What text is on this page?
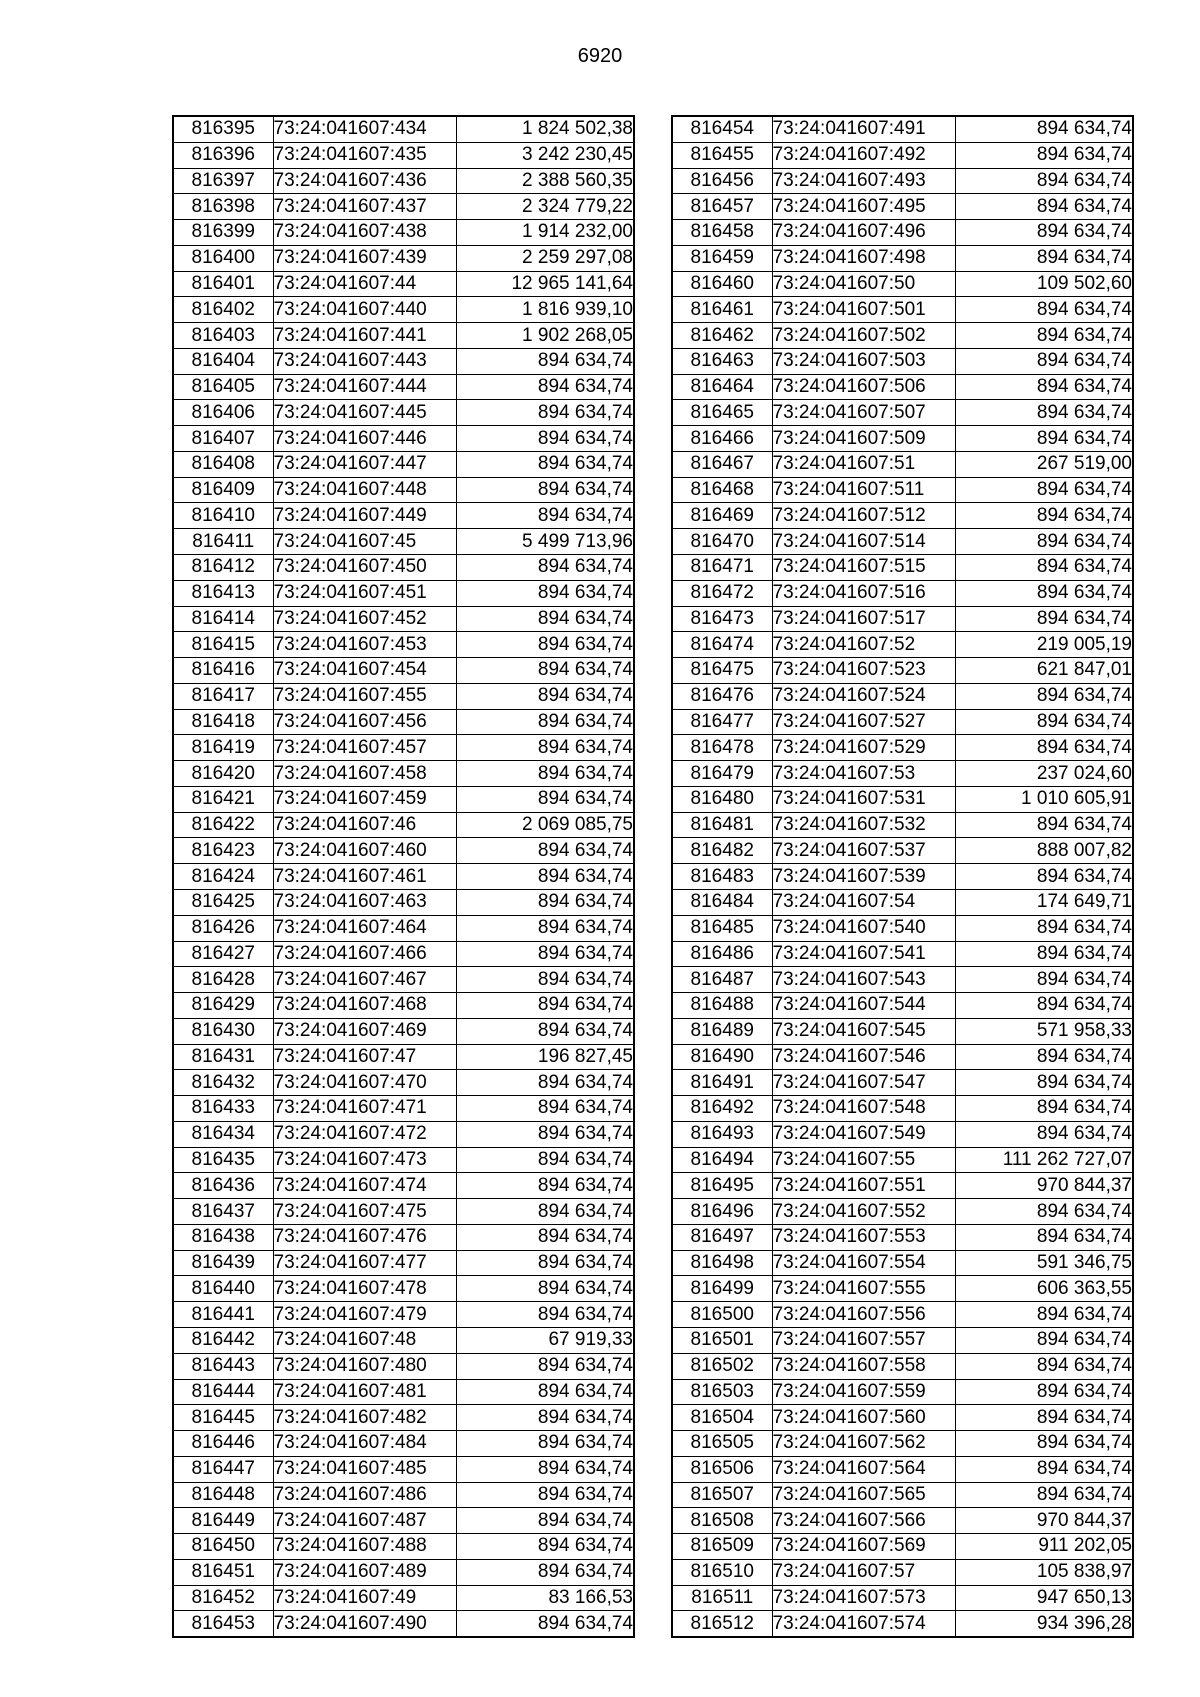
6920
816395	73:24:041607:434	1 824 502,38
816396	73:24:041607:435	3 242 230,45
816397	73:24:041607:436	2 388 560,35
816398	73:24:041607:437	2 324 779,22
816399	73:24:041607:438	1 914 232,00
816400	73:24:041607:439	2 259 297,08
816401	73:24:041607:44	12 965 141,64
816402	73:24:041607:440	1 816 939,10
816403	73:24:041607:441	1 902 268,05
816404	73:24:041607:443	894 634,74
816405	73:24:041607:444	894 634,74
816406	73:24:041607:445	894 634,74
816407	73:24:041607:446	894 634,74
816408	73:24:041607:447	894 634,74
816409	73:24:041607:448	894 634,74
816410	73:24:041607:449	894 634,74
816411	73:24:041607:45	5 499 713,96
816412	73:24:041607:450	894 634,74
816413	73:24:041607:451	894 634,74
816414	73:24:041607:452	894 634,74
816415	73:24:041607:453	894 634,74
816416	73:24:041607:454	894 634,74
816417	73:24:041607:455	894 634,74
816418	73:24:041607:456	894 634,74
816419	73:24:041607:457	894 634,74
816420	73:24:041607:458	894 634,74
816421	73:24:041607:459	894 634,74
816422	73:24:041607:46	2 069 085,75
816423	73:24:041607:460	894 634,74
816424	73:24:041607:461	894 634,74
816425	73:24:041607:463	894 634,74
816426	73:24:041607:464	894 634,74
816427	73:24:041607:466	894 634,74
816428	73:24:041607:467	894 634,74
816429	73:24:041607:468	894 634,74
816430	73:24:041607:469	894 634,74
816431	73:24:041607:47	196 827,45
816432	73:24:041607:470	894 634,74
816433	73:24:041607:471	894 634,74
816434	73:24:041607:472	894 634,74
816435	73:24:041607:473	894 634,74
816436	73:24:041607:474	894 634,74
816437	73:24:041607:475	894 634,74
816438	73:24:041607:476	894 634,74
816439	73:24:041607:477	894 634,74
816440	73:24:041607:478	894 634,74
816441	73:24:041607:479	894 634,74
816442	73:24:041607:48	67 919,33
816443	73:24:041607:480	894 634,74
816444	73:24:041607:481	894 634,74
816445	73:24:041607:482	894 634,74
816446	73:24:041607:484	894 634,74
816447	73:24:041607:485	894 634,74
816448	73:24:041607:486	894 634,74
816449	73:24:041607:487	894 634,74
816450	73:24:041607:488	894 634,74
816451	73:24:041607:489	894 634,74
816452	73:24:041607:49	83 166,53
816453	73:24:041607:490	894 634,74
816454	73:24:041607:491	894 634,74
816455	73:24:041607:492	894 634,74
816456	73:24:041607:493	894 634,74
816457	73:24:041607:495	894 634,74
816458	73:24:041607:496	894 634,74
816459	73:24:041607:498	894 634,74
816460	73:24:041607:50	109 502,60
816461	73:24:041607:501	894 634,74
816462	73:24:041607:502	894 634,74
816463	73:24:041607:503	894 634,74
816464	73:24:041607:506	894 634,74
816465	73:24:041607:507	894 634,74
816466	73:24:041607:509	894 634,74
816467	73:24:041607:51	267 519,00
816468	73:24:041607:511	894 634,74
816469	73:24:041607:512	894 634,74
816470	73:24:041607:514	894 634,74
816471	73:24:041607:515	894 634,74
816472	73:24:041607:516	894 634,74
816473	73:24:041607:517	894 634,74
816474	73:24:041607:52	219 005,19
816475	73:24:041607:523	621 847,01
816476	73:24:041607:524	894 634,74
816477	73:24:041607:527	894 634,74
816478	73:24:041607:529	894 634,74
816479	73:24:041607:53	237 024,60
816480	73:24:041607:531	1 010 605,91
816481	73:24:041607:532	894 634,74
816482	73:24:041607:537	888 007,82
816483	73:24:041607:539	894 634,74
816484	73:24:041607:54	174 649,71
816485	73:24:041607:540	894 634,74
816486	73:24:041607:541	894 634,74
816487	73:24:041607:543	894 634,74
816488	73:24:041607:544	894 634,74
816489	73:24:041607:545	571 958,33
816490	73:24:041607:546	894 634,74
816491	73:24:041607:547	894 634,74
816492	73:24:041607:548	894 634,74
816493	73:24:041607:549	894 634,74
816494	73:24:041607:55	111 262 727,07
816495	73:24:041607:551	970 844,37
816496	73:24:041607:552	894 634,74
816497	73:24:041607:553	894 634,74
816498	73:24:041607:554	591 346,75
816499	73:24:041607:555	606 363,55
816500	73:24:041607:556	894 634,74
816501	73:24:041607:557	894 634,74
816502	73:24:041607:558	894 634,74
816503	73:24:041607:559	894 634,74
816504	73:24:041607:560	894 634,74
816505	73:24:041607:562	894 634,74
816506	73:24:041607:564	894 634,74
816507	73:24:041607:565	894 634,74
816508	73:24:041607:566	970 844,37
816509	73:24:041607:569	911 202,05
816510	73:24:041607:57	105 838,97
816511	73:24:041607:573	947 650,13
816512	73:24:041607:574	934 396,28
